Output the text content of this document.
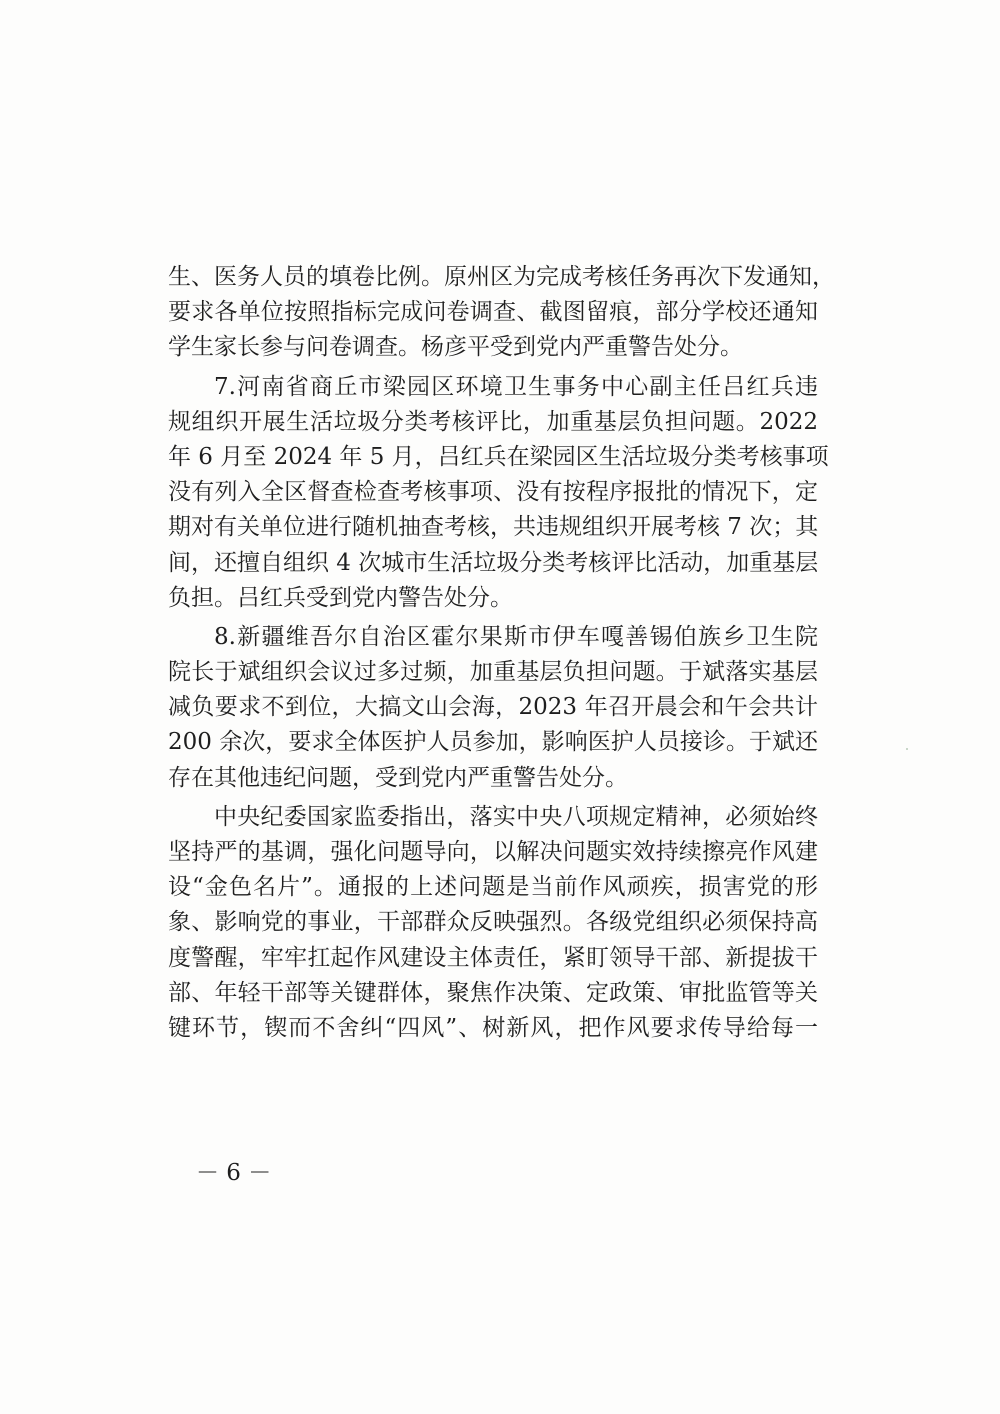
生、医务人员的填卷比例。原州区为完成考核任务再次下发通知，
要求各单位按照指标完成问卷调查、截图留痕，部分学校还通知
学生家长参与问卷调查。杨彦平受到党内严重警告处分。
7.河南省商丘市梁园区环境卫生事务中心副主任吕红兵违
规组织开展生活垃圾分类考核评比，加重基层负担问题。2022
年 6 月至 2024 年 5 月，吕红兵在梁园区生活垃圾分类考核事项
没有列入全区督查检查考核事项、没有按程序报批的情况下，定
期对有关单位进行随机抽查考核，共违规组织开展考核 7 次；其
间，还擅自组织 4 次城市生活垃圾分类考核评比活动，加重基层
负担。吕红兵受到党内警告处分。
8.新疆维吾尔自治区霍尔果斯市伊车嘎善锡伯族乡卫生院
院长于斌组织会议过多过频，加重基层负担问题。于斌落实基层
减负要求不到位，大搞文山会海，2023 年召开晨会和午会共计
200 余次，要求全体医护人员参加，影响医护人员接诊。于斌还
存在其他违纪问题，受到党内严重警告处分。
中央纪委国家监委指出，落实中央八项规定精神，必须始终
坚持严的基调，强化问题导向，以解决问题实效持续擦亮作风建
设“金色名片”。通报的上述问题是当前作风顽疾，损害党的形
象、影响党的事业，干部群众反映强烈。各级党组织必须保持高
度警醒，牢牢扛起作风建设主体责任，紧盯领导干部、新提拔干
部、年轻干部等关键群体，聚焦作决策、定政策、审批监管等关
键环节，锲而不舍纠“四风”、树新风，把作风要求传导给每一
－ 6 －
